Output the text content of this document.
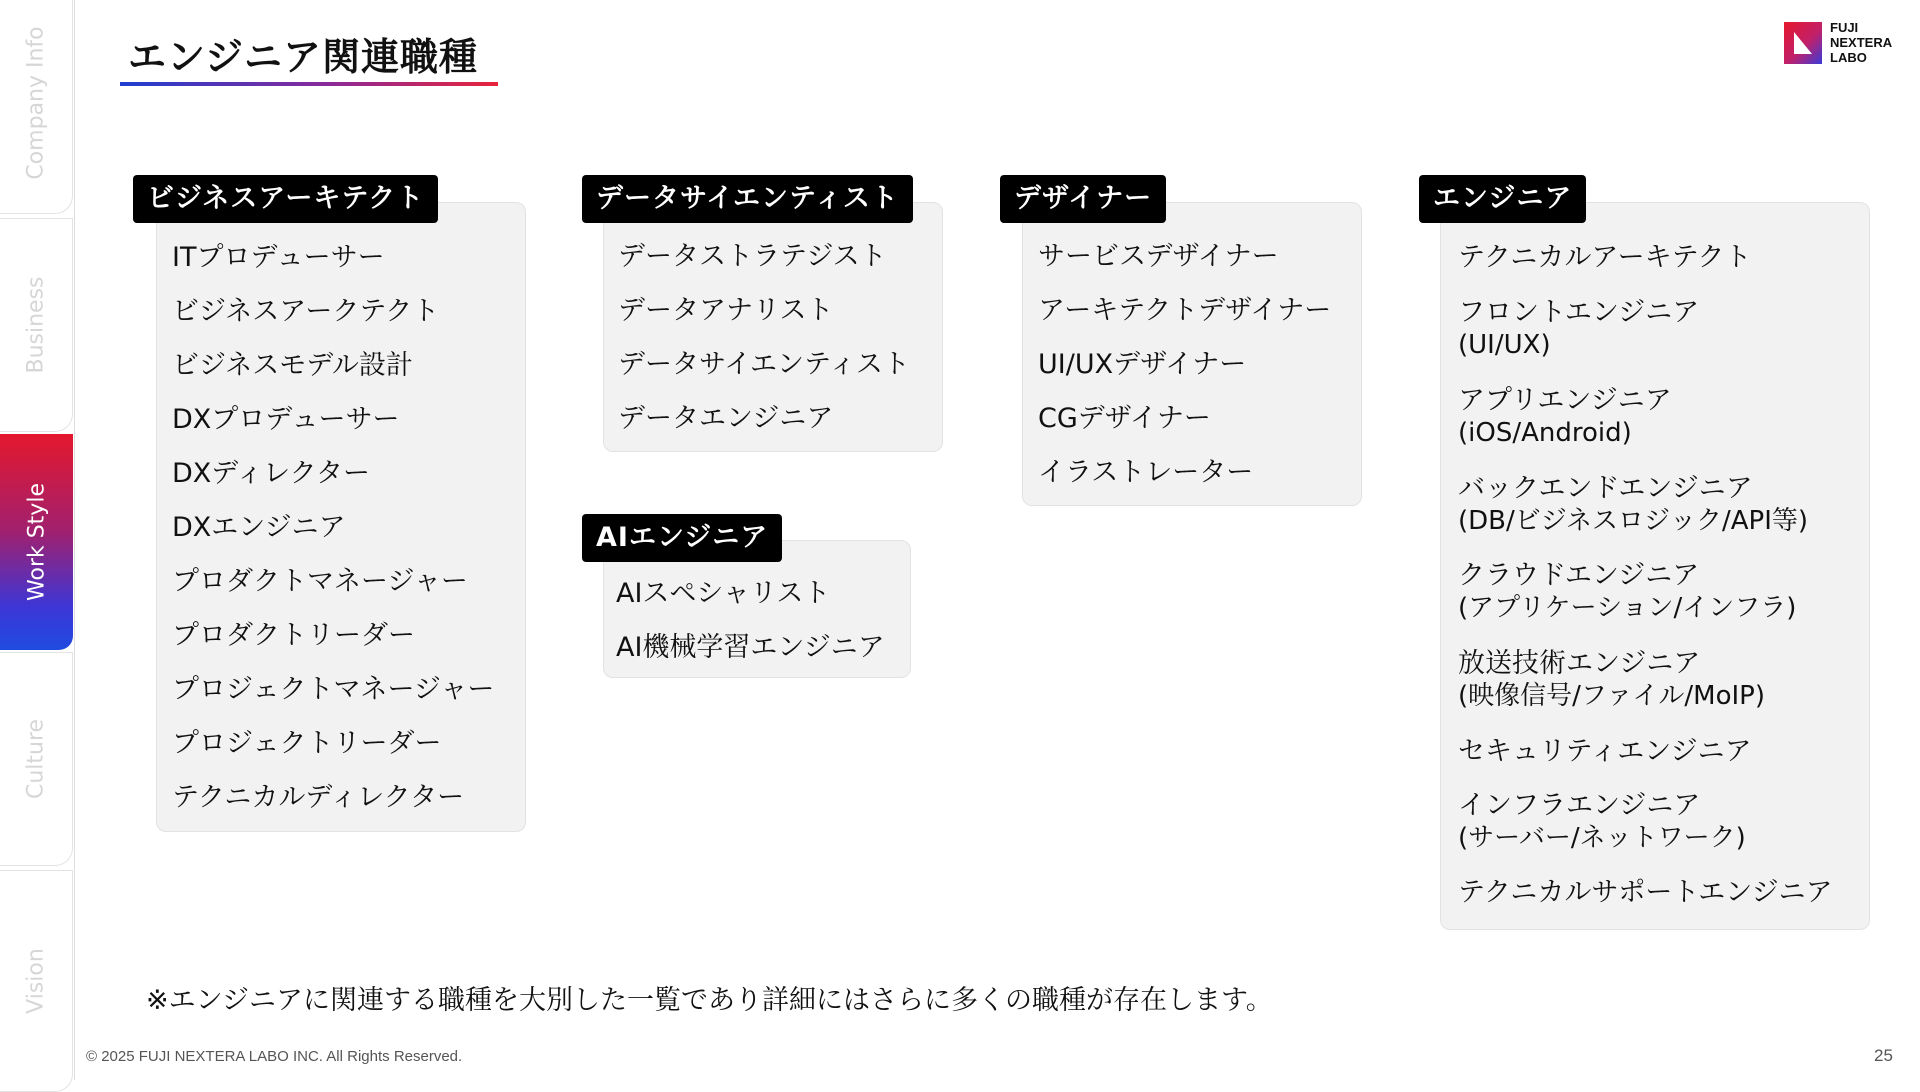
Company Info
Business
Culture
Vision
Work Style
エンジニア関連職種
FUJI
NEXTERA
LABO
ビジネスアーキテクト
ITプロデューサー
ビジネスアークテクト
ビジネスモデル設計
DXプロデューサー
DXディレクター
DXエンジニア
プロダクトマネージャー
プロダクトリーダー
プロジェクトマネージャー
プロジェクトリーダー
テクニカルディレクター
データサイエンティスト
データストラテジスト
データアナリスト
データサイエンティスト
データエンジニア
AIエンジニア
AIスペシャリスト
AI機械学習エンジニア
デザイナー
サービスデザイナー
アーキテクトデザイナー
UI/UXデザイナー
CGデザイナー
イラストレーター
エンジニア
テクニカルアーキテクト
フロントエンジニア
(UI/UX)
アプリエンジニア
(iOS/Android)
バックエンドエンジニア
(DB/ビジネスロジック/API等)
クラウドエンジニア
(アプリケーション/インフラ)
放送技術エンジニア
(映像信号/ファイル/MoIP)
セキュリティエンジニア
インフラエンジニア
(サーバー/ネットワーク)
テクニカルサポートエンジニア
※エンジニアに関連する職種を大別した一覧であり詳細にはさらに多くの職種が存在します。
© 2025 FUJI NEXTERA LABO INC. All Rights Reserved.	25
